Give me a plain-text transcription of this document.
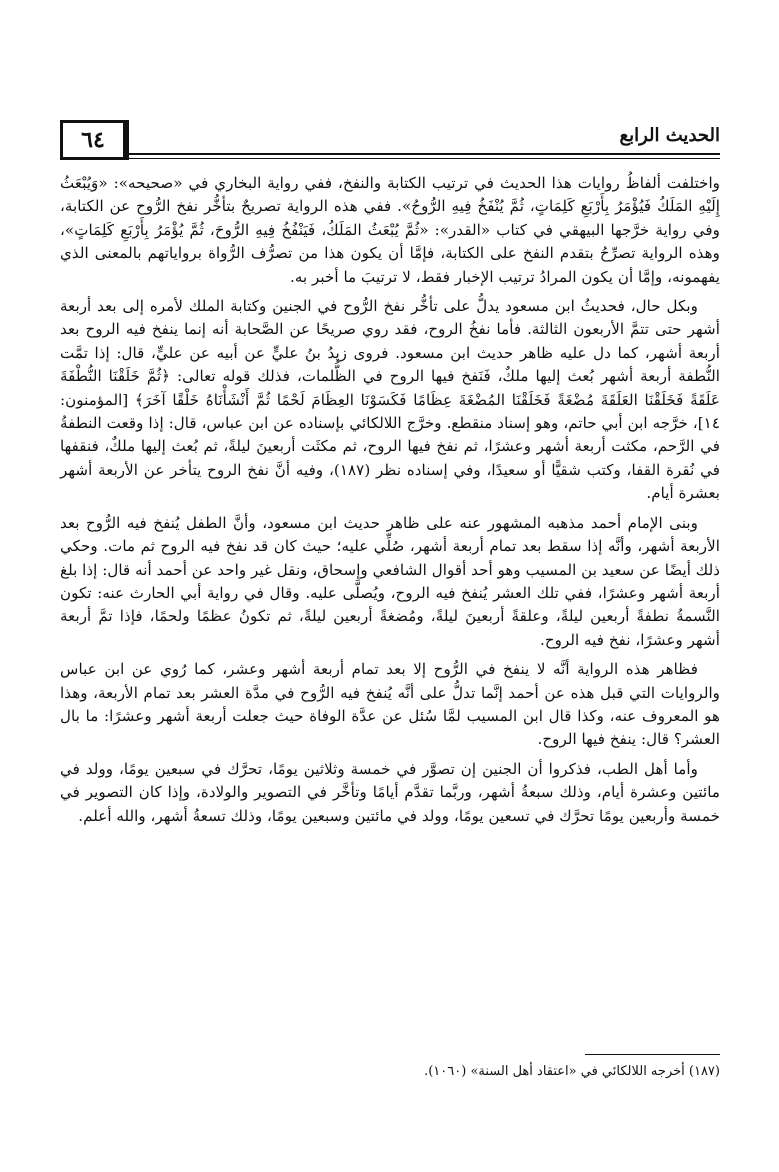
٦٤	الحديث الرابع

واختلفت ألفاظُ روايات هذا الحديث في ترتيب الكتابة والنفخ، ففي رواية البخاري في «صحيحه»: «وَيُبْعَثُ إِلَيْهِ المَلَكُ فَيُؤْمَرُ بِأَرْبَعِ كَلِمَاتٍ، ثُمَّ يُنْفَخُ فِيهِ الرُّوحُ». ففي هذه الرواية تصريحٌ بتأخُّر نفخ الرُّوح عن الكتابة، وفي رواية خرَّجها البيهقي في كتاب «القدر»: «ثُمَّ يُبْعَثُ المَلَكُ، فَيَنْفُخُ فِيهِ الرُّوحَ، ثُمَّ يُؤْمَرُ بِأَرْبَعِ كَلِمَاتٍ»، وهذه الرواية تصرِّحُ بتقدم النفخ على الكتابة، فإمَّا أن يكون هذا من تصرُّف الرُّواة برواياتهم بالمعنى الذي يفهمونه، وإمَّا أن يكون المرادُ ترتيب الإخبار فقط، لا ترتيبَ ما أخبر به.

وبكل حال، فحديثُ ابن مسعود يدلُّ على تأخُّر نفخ الرُّوح في الجنين وكتابة الملك لأمره إلى بعد أربعة أشهر حتى تتمَّ الأربعون الثالثة. فأما نفخُ الروح، فقد روي صريحًا عن الصَّحابة أنه إنما ينفخ فيه الروح بعد أربعة أشهر، كما دل عليه ظاهر حديث ابن مسعود. فروى زيدُ بنُ عليٍّ عن أبيه عن عليٍّ، قال: إذا تمَّت النُّطفة أربعة أشهر بُعث إليها ملكٌ، فَنَفخ فيها الروح في الظُّلمات، فذلك قوله تعالى: ﴿ثُمَّ خَلَقْنَا النُّطْفَةَ عَلَقَةً فَخَلَقْنَا العَلَقَةَ مُضْغَةً فَخَلَقْنَا المُضْغَةَ عِظَامًا فَكَسَوْنَا العِظَامَ لَحْمًا ثُمَّ أَنْشَأْنَاهُ خَلْقًا آخَرَ﴾ [المؤمنون: ١٤]، خرَّجه ابن أبي حاتم، وهو إسناد منقطع. وخرَّج اللالكائي بإسناده عن ابن عباس، قال: إذا وقعت النطفةُ في الرَّحم، مكثت أربعة أشهر وعشرًا، ثم نفخ فيها الروح، ثم مكثَت أربعينَ ليلةً، ثم بُعث إليها ملكٌ، فنقفها في نُقرة القفا، وكتب شقيًّا أو سعيدًا، وفي إسناده نظر (١٨٧)، وفيه أنَّ نفخ الروح يتأخر عن الأربعة أشهر بعشرة أيام.

وبنى الإمام أحمد مذهبه المشهور عنه على ظاهر حديث ابن مسعود، وأنَّ الطفل يُنفخ فيه الرُّوح بعد الأربعة أشهر، وأنَّه إذا سقط بعد تمام أربعة أشهر، صُلِّي عليه؛ حيث كان قد نفخ فيه الروح ثم مات. وحكي ذلك أيضًا عن سعيد بن المسيب وهو أحد أقوال الشافعي وإسحاق، ونقل غير واحد عن أحمد أنه قال: إذا بلغ أربعة أشهر وعشرًا، ففي تلك العشر يُنفخ فيه الروح، ويُصلَّى عليه. وقال في رواية أبي الحارث عنه: تكون النَّسمةُ نطفةً أربعين ليلةً، وعلقةً أربعينَ ليلةً، ومُضغةً أربعين ليلةً، ثم تكونُ عظمًا ولحمًا، فإذا تمَّ أربعة أشهر وعشرًا، نفخ فيه الروح.

فظاهر هذه الرواية أنَّه لا ينفخ في الرُّوح إلا بعد تمام أربعة أشهر وعشر، كما رُوي عن ابن عباس والروايات التي قبل هذه عن أحمد إنَّما تدلُّ على أنَّه يُنفخ فيه الرُّوح في مدَّة العشر بعد تمام الأربعة، وهذا هو المعروف عنه، وكذا قال ابن المسيب لمَّا سُئل عن عدَّة الوفاة حيث جعلت أربعة أشهر وعشرًا: ما بال العشر؟ قال: ينفخ فيها الروح.

وأما أهل الطب، فذكروا أن الجنين إن تصوَّر في خمسة وثلاثين يومًا، تحرَّك في سبعين يومًا، وولد في مائتين وعشرة أيام، وذلك سبعةُ أشهر، وربَّما تقدَّم أيامًا وتأخَّر في التصوير والولادة، وإذا كان التصوير في خمسة وأربعين يومًا تحرَّك في تسعين يومًا، وولد في مائتين وسبعين يومًا، وذلك تسعةُ أشهر، والله أعلم.

(١٨٧) أخرجه اللالكائي في «اعتقاد أهل السنة» (١٠٦٠).
